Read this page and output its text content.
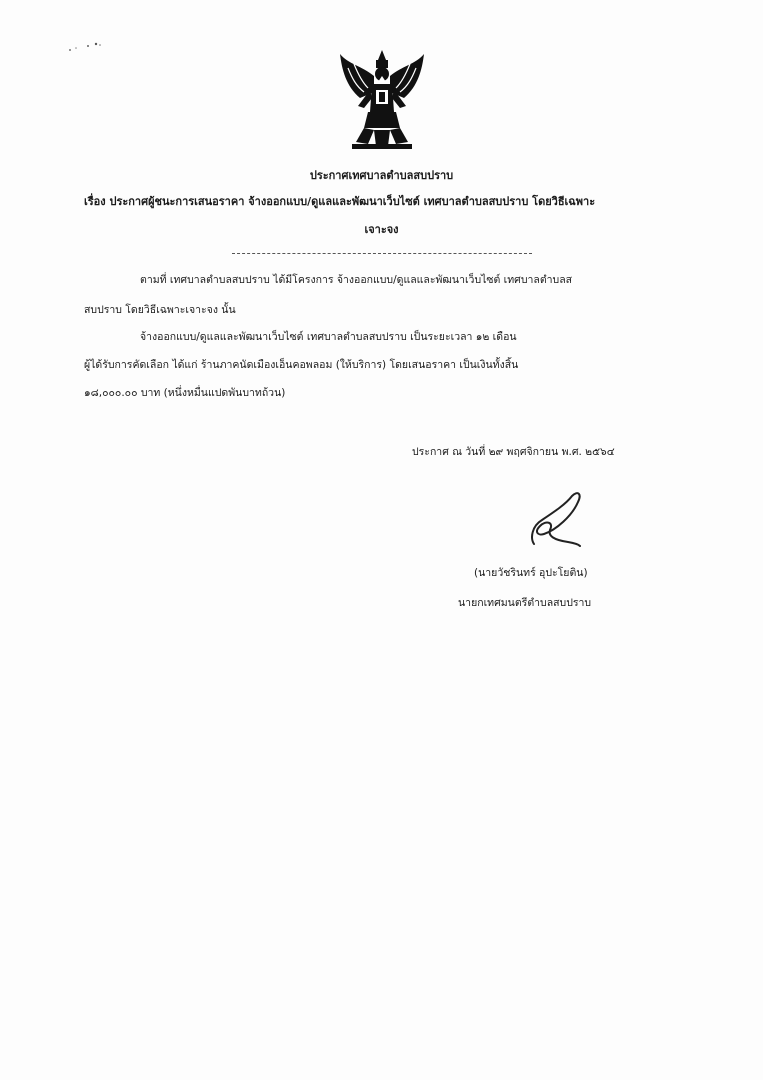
ประกาศเทศบาลตำบลสบปราบ
เรื่อง ประกาศผู้ชนะการเสนอราคา จ้างออกแบบ/ดูแลและพัฒนาเว็บไซต์ เทศบาลตำบลสบปราบ โดยวิธีเฉพาะ
เจาะจง
ตามที่ เทศบาลตำบลสบปราบ ได้มีโครงการ จ้างออกแบบ/ดูแลและพัฒนาเว็บไซต์ เทศบาลตำบลส
สบปราบ โดยวิธีเฉพาะเจาะจง นั้น
จ้างออกแบบ/ดูแลและพัฒนาเว็บไซต์ เทศบาลตำบลสบปราบ เป็นระยะเวลา ๑๒ เดือน
ผู้ได้รับการคัดเลือก ได้แก่ ร้านภาคนัดเมืองเอ็นคอพลอม (ให้บริการ) โดยเสนอราคา เป็นเงินทั้งสิ้น
๑๘,๐๐๐.๐๐ บาท (หนึ่งหมื่นแปดพันบาทถ้วน)
ประกาศ ณ วันที่ ๒๙ พฤศจิกายน พ.ศ. ๒๕๖๔
(นายวัชรินทร์ อุปะโยติน)
นายกเทศมนตรีตำบลสบปราบ
